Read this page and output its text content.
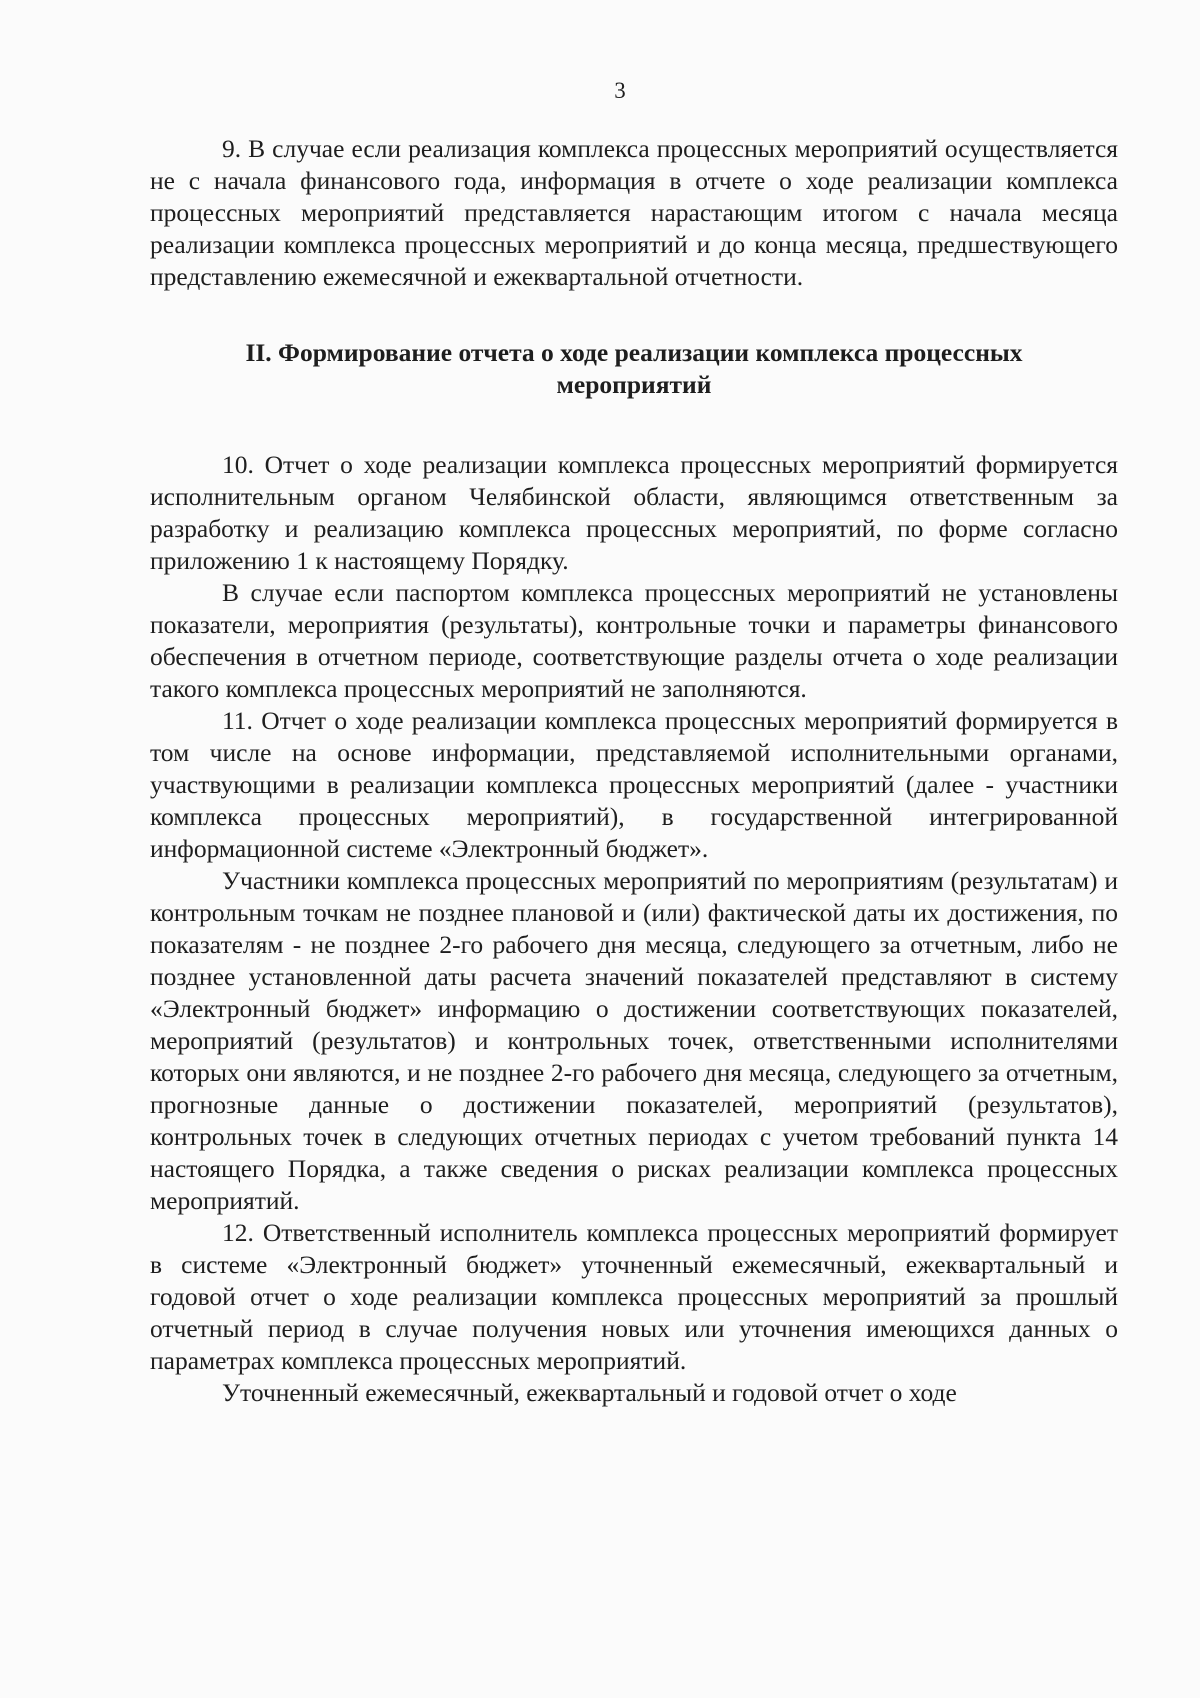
3

9. В случае если реализация комплекса процессных мероприятий осуществляется не с начала финансового года, информация в отчете о ходе реализации комплекса процессных мероприятий представляется нарастающим итогом с начала месяца реализации комплекса процессных мероприятий и до конца месяца, предшествующего представлению ежемесячной и ежеквартальной отчетности.

II. Формирование отчета о ходе реализации комплекса процессных мероприятий

10. Отчет о ходе реализации комплекса процессных мероприятий формируется исполнительным органом Челябинской области, являющимся ответственным за разработку и реализацию комплекса процессных мероприятий, по форме согласно приложению 1 к настоящему Порядку.

В случае если паспортом комплекса процессных мероприятий не установлены показатели, мероприятия (результаты), контрольные точки и параметры финансового обеспечения в отчетном периоде, соответствующие разделы отчета о ходе реализации такого комплекса процессных мероприятий не заполняются.

11. Отчет о ходе реализации комплекса процессных мероприятий формируется в том числе на основе информации, представляемой исполнительными органами, участвующими в реализации комплекса процессных мероприятий (далее - участники комплекса процессных мероприятий), в государственной интегрированной информационной системе «Электронный бюджет».

Участники комплекса процессных мероприятий по мероприятиям (результатам) и контрольным точкам не позднее плановой и (или) фактической даты их достижения, по показателям - не позднее 2-го рабочего дня месяца, следующего за отчетным, либо не позднее установленной даты расчета значений показателей представляют в систему «Электронный бюджет» информацию о достижении соответствующих показателей, мероприятий (результатов) и контрольных точек, ответственными исполнителями которых они являются, и не позднее 2-го рабочего дня месяца, следующего за отчетным, прогнозные данные о достижении показателей, мероприятий (результатов), контрольных точек в следующих отчетных периодах с учетом требований пункта 14 настоящего Порядка, а также сведения о рисках реализации комплекса процессных мероприятий.

12. Ответственный исполнитель комплекса процессных мероприятий формирует в системе «Электронный бюджет» уточненный ежемесячный, ежеквартальный и годовой отчет о ходе реализации комплекса процессных мероприятий за прошлый отчетный период в случае получения новых или уточнения имеющихся данных о параметрах комплекса процессных мероприятий.

Уточненный ежемесячный, ежеквартальный и годовой отчет о ходе
